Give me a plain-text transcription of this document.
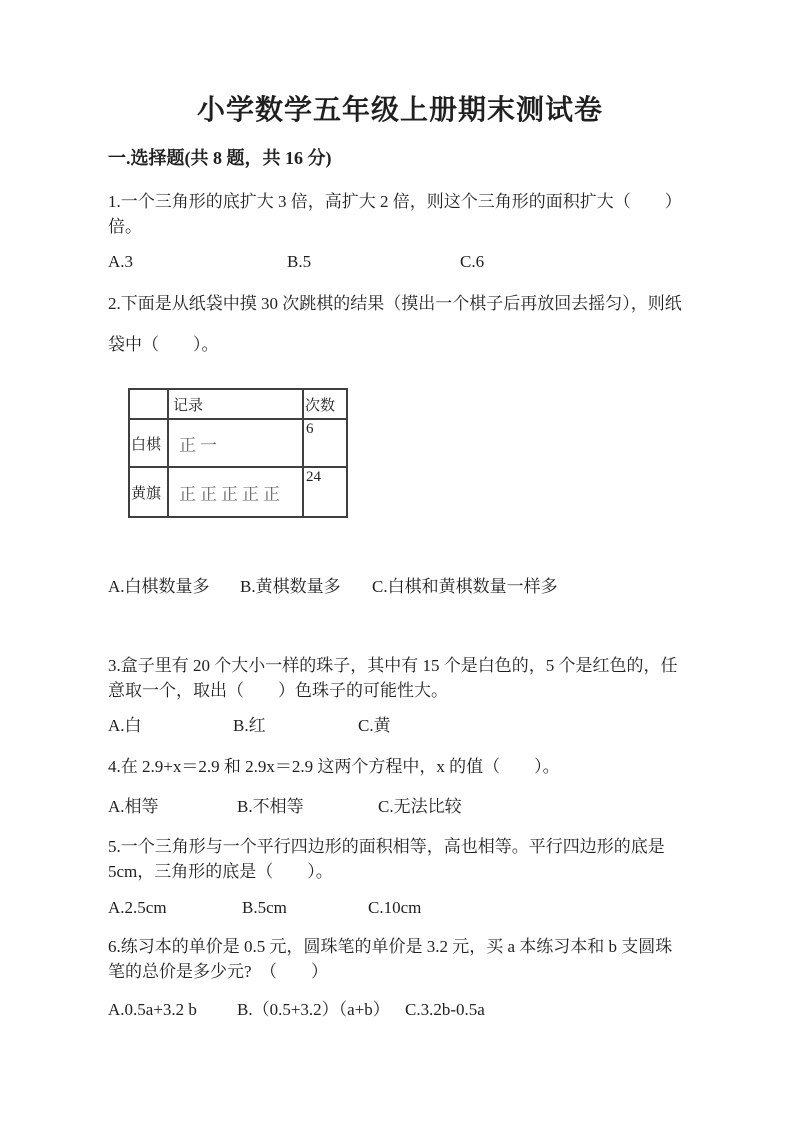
小学数学五年级上册期末测试卷
一.选择题(共 8 题，共 16 分)
1.一个三角形的底扩大 3 倍，高扩大 2 倍，则这个三角形的面积扩大（　　）
倍。
A.3	B.5	C.6
2.下面是从纸袋中摸 30 次跳棋的结果（摸出一个棋子后再放回去摇匀），则纸
袋中（　　）。
	记录	次数
白棋	正一	6
黄旗	正正正正正	24
A.白棋数量多	B.黄棋数量多	C.白棋和黄棋数量一样多
3.盒子里有 20 个大小一样的珠子，其中有 15 个是白色的，5 个是红色的，任
意取一个，取出（　　）色珠子的可能性大。
A.白	B.红	C.黄
4.在 2.9+x＝2.9 和 2.9x＝2.9 这两个方程中，x 的值（　　）。
A.相等	B.不相等	C.无法比较
5.一个三角形与一个平行四边形的面积相等，高也相等。平行四边形的底是
5cm，三角形的底是（　　）。
A.2.5cm	B.5cm	C.10cm
6.练习本的单价是 0.5 元，圆珠笔的单价是 3.2 元，买 a 本练习本和 b 支圆珠
笔的总价是多少元?　（　　）
A.0.5a+3.2 b	B.（0.5+3.2）（a+b） C.3.2b-0.5a
